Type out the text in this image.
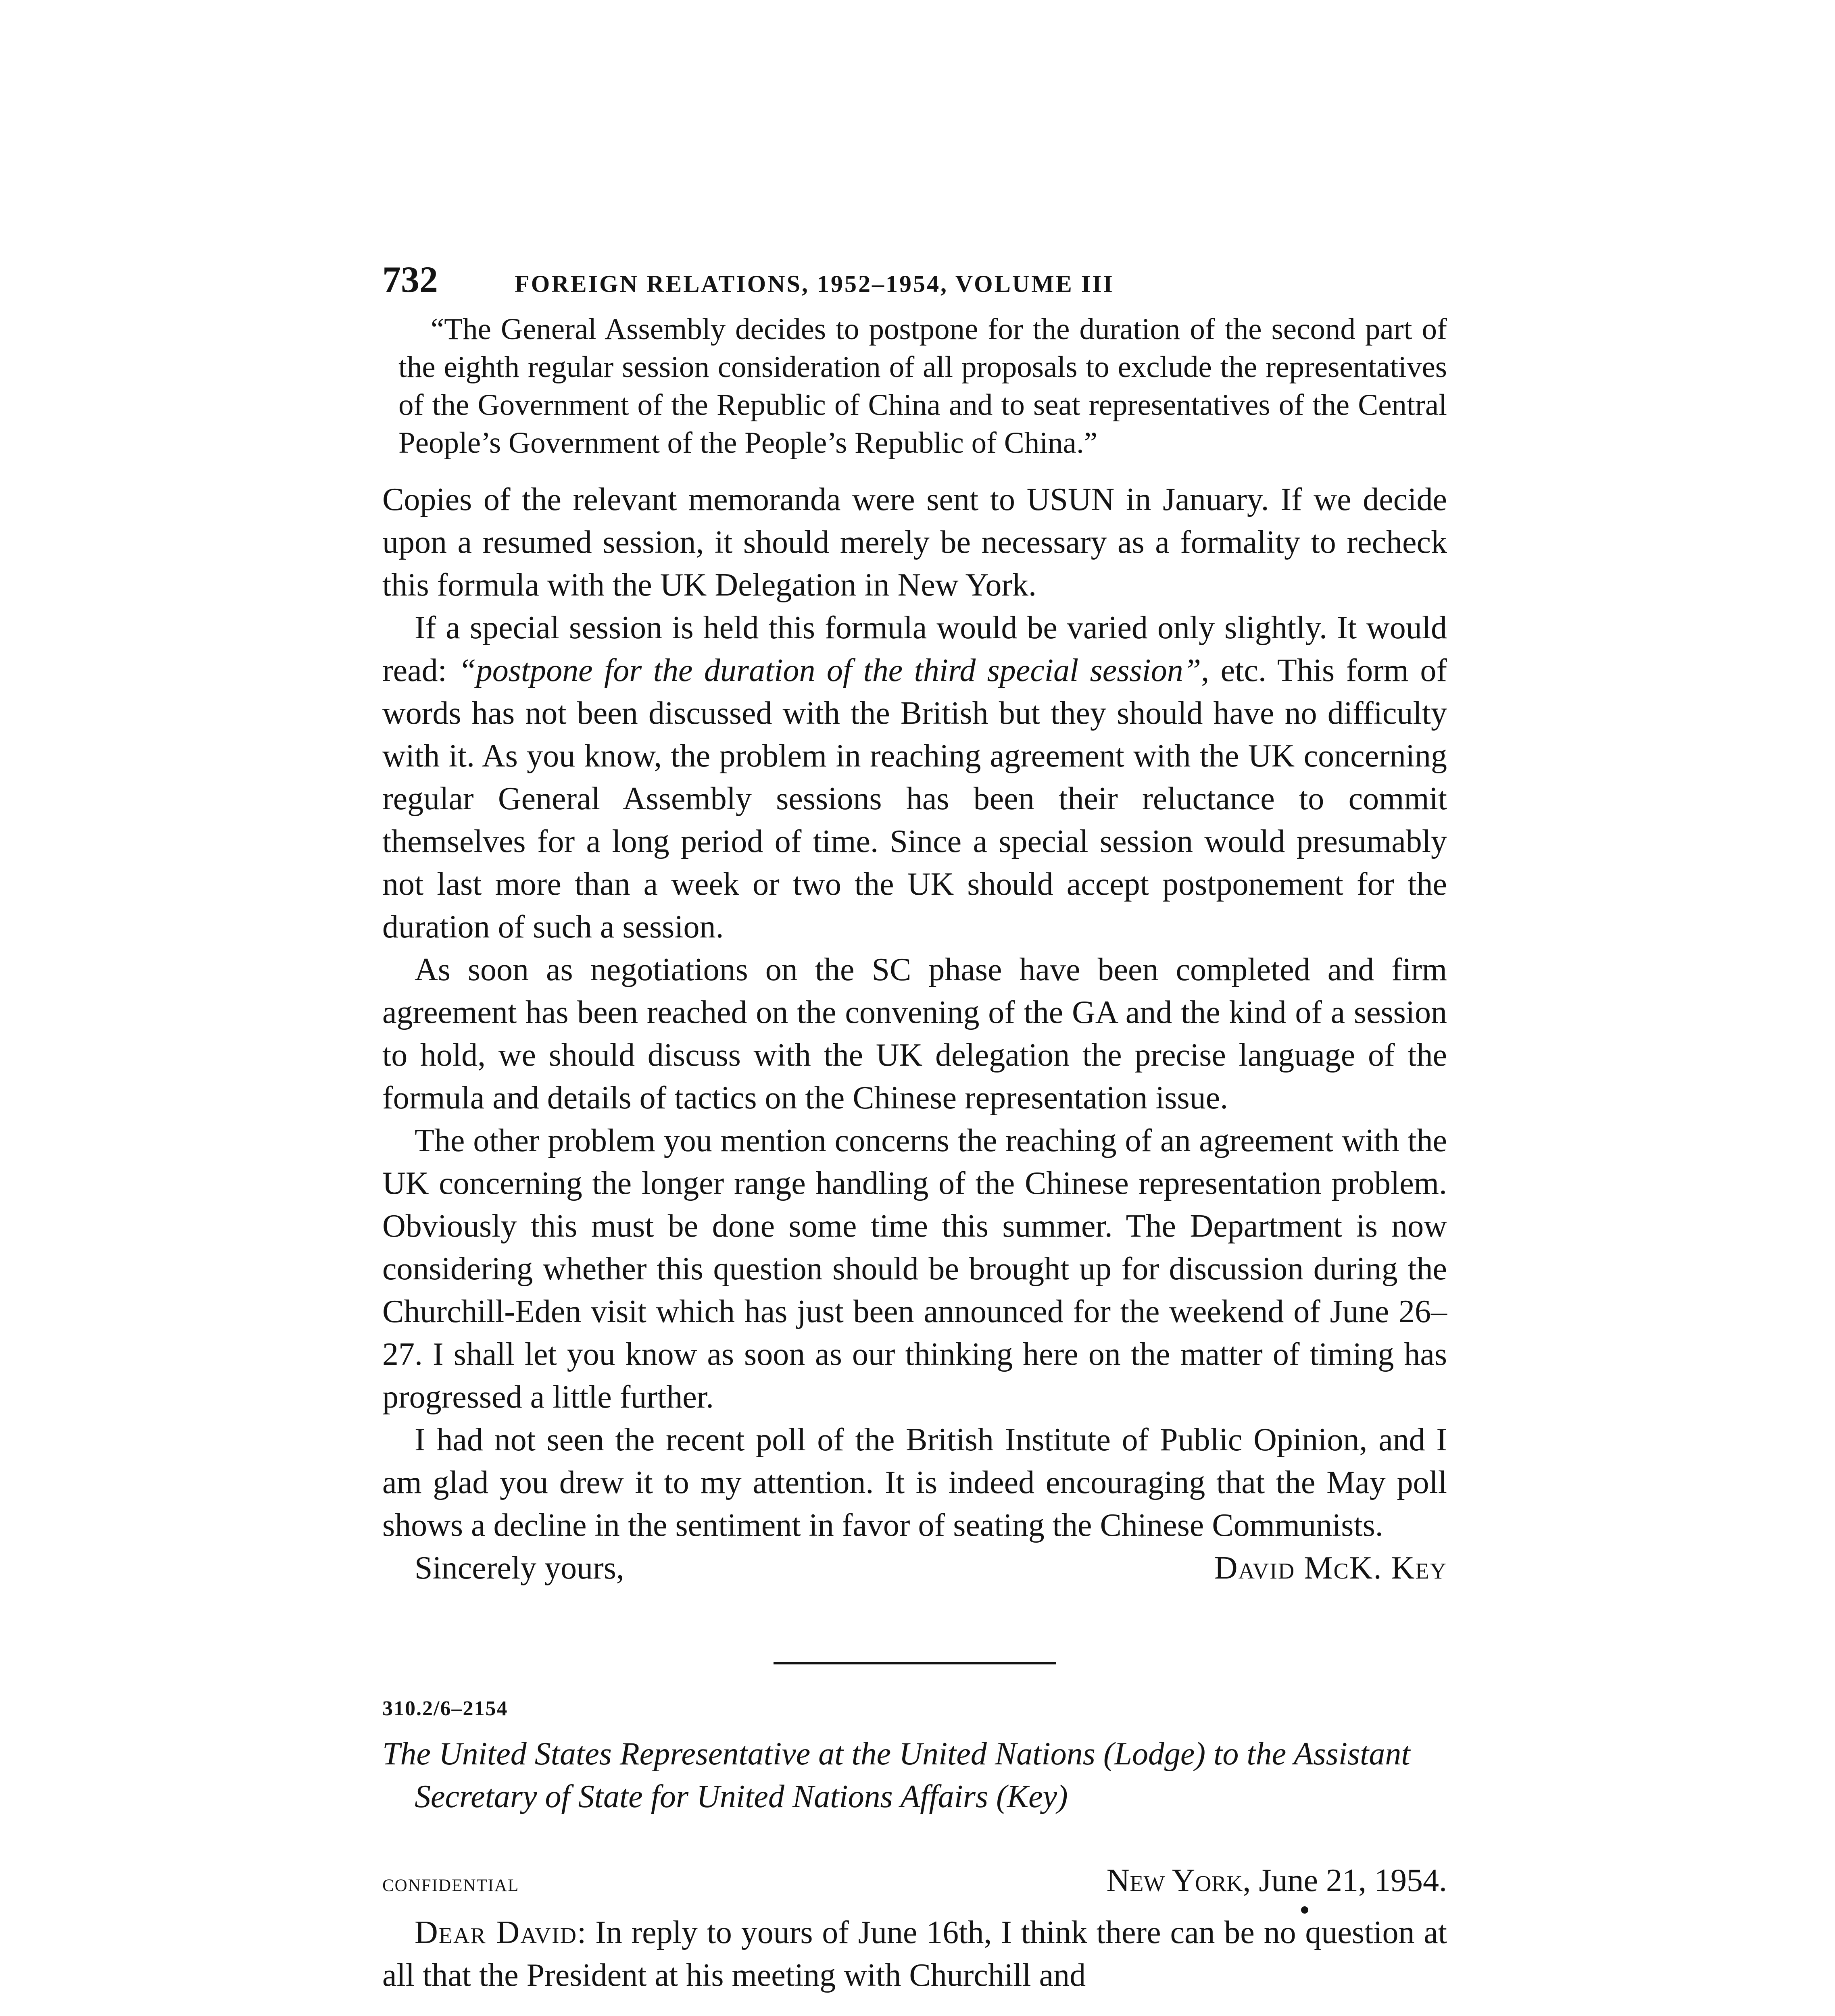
732	FOREIGN RELATIONS, 1952–1954, VOLUME III

“The General Assembly decides to postpone for the duration of the second part of the eighth regular session consideration of all proposals to exclude the representatives of the Government of the Republic of China and to seat representatives of the Central People’s Government of the People’s Republic of China.”

Copies of the relevant memoranda were sent to USUN in January. If we decide upon a resumed session, it should merely be necessary as a formality to recheck this formula with the UK Delegation in New York.

If a special session is held this formula would be varied only slightly. It would read: “postpone for the duration of the third special session”, etc. This form of words has not been discussed with the British but they should have no difficulty with it. As you know, the problem in reaching agreement with the UK concerning regular General Assembly sessions has been their reluctance to commit themselves for a long period of time. Since a special session would presumably not last more than a week or two the UK should accept postponement for the duration of such a session.

As soon as negotiations on the SC phase have been completed and firm agreement has been reached on the convening of the GA and the kind of a session to hold, we should discuss with the UK delegation the precise language of the formula and details of tactics on the Chinese representation issue.

The other problem you mention concerns the reaching of an agreement with the UK concerning the longer range handling of the Chinese representation problem. Obviously this must be done some time this summer. The Department is now considering whether this question should be brought up for discussion during the Churchill-Eden visit which has just been announced for the weekend of June 26–27. I shall let you know as soon as our thinking here on the matter of timing has progressed a little further.

I had not seen the recent poll of the British Institute of Public Opinion, and I am glad you drew it to my attention. It is indeed encouraging that the May poll shows a decline in the sentiment in favor of seating the Chinese Communists.

Sincerely yours,	David McK. Key
310.2/6–2154
The United States Representative at the United Nations (Lodge) to the Assistant Secretary of State for United Nations Affairs (Key)
confidential	New York, June 21, 1954.
Dear David: In reply to yours of June 16th, I think there can be no question at all that the President at his meeting with Churchill and
